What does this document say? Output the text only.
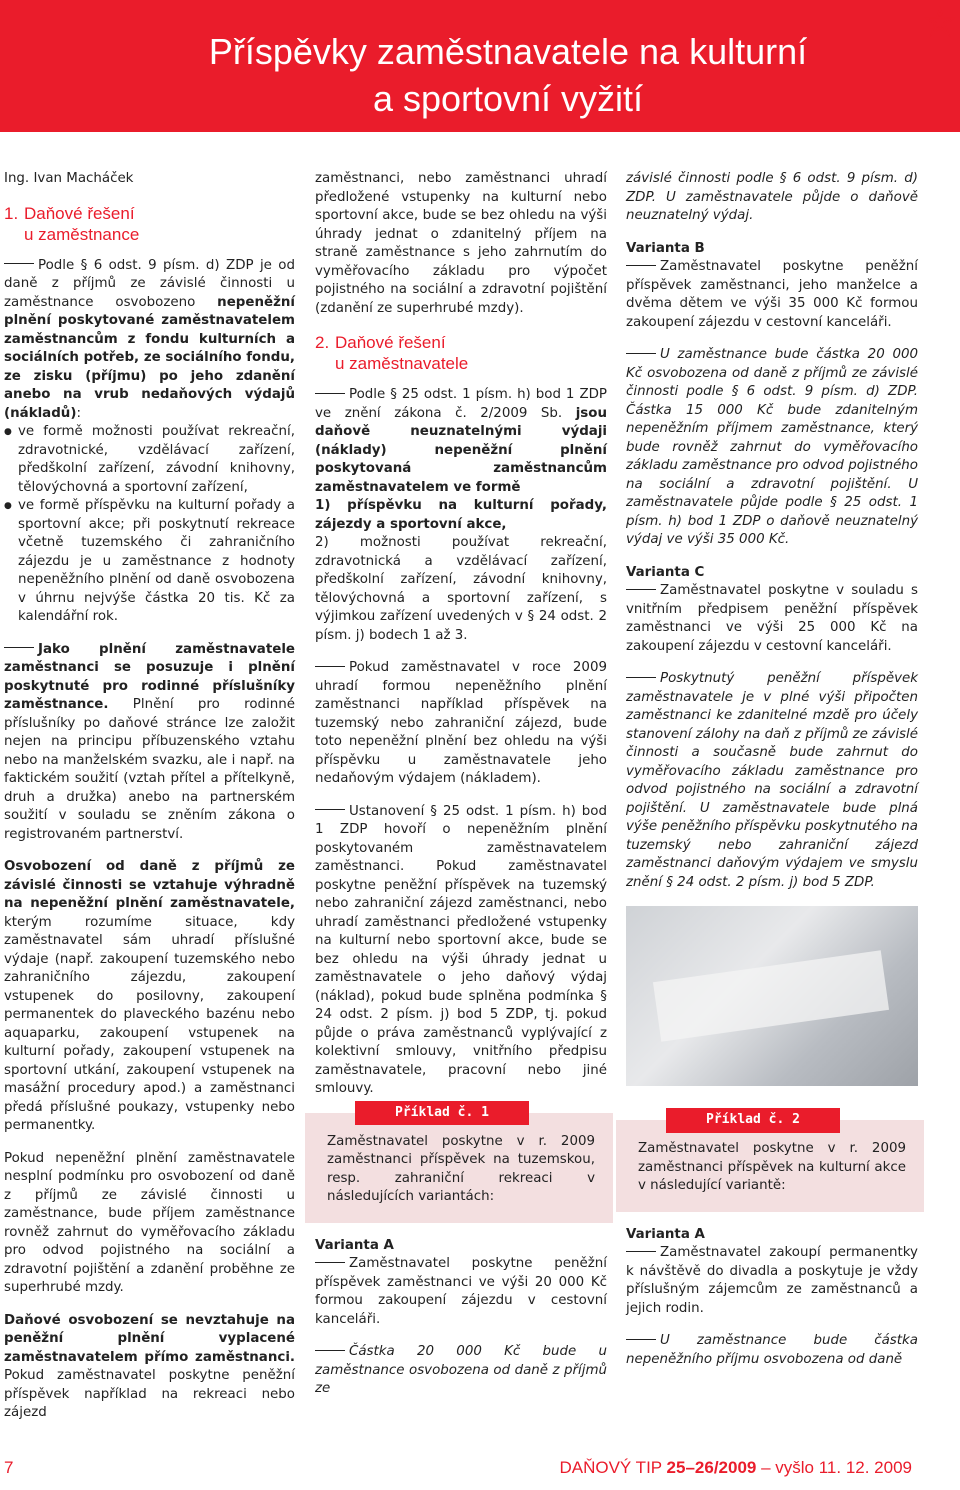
Příspěvky zaměstnavatele na kulturní
a sportovní vyžití

Ing. Ivan Macháček

1. Daňové řešení
u zaměstnance

Podle § 6 odst. 9 písm. d) ZDP je od daně z příjmů ze závislé činnosti u zaměstnance osvobozeno nepeněžní plnění poskytované zaměstnavatelem zaměstnancům z fondu kulturních a sociálních potřeb, ze sociálního fondu, ze zisku (příjmu) po jeho zdanění anebo na vrub nedaňových výdajů (nákladů):

● ve formě možnosti používat rekreační, zdravotnické, vzdělávací zařízení, předškolní zařízení, závodní knihovny, tělovýchovná a sportovní zařízení,

● ve formě příspěvku na kulturní pořady a sportovní akce; při poskytnutí rekreace včetně tuzemského či zahraničního zájezdu je u zaměstnance z hodnoty nepeněžního plnění od daně osvobozena v úhrnu nejvýše částka 20 tis. Kč za kalendářní rok.

Jako plnění zaměstnavatele zaměstnanci se posuzuje i plnění poskytnuté pro rodinné příslušníky zaměstnance. Plnění pro rodinné příslušníky po daňové stránce lze založit nejen na principu příbuzenského vztahu nebo na manželském svazku, ale i např. na faktickém soužití (vztah přítel a přítelkyně, druh a družka) anebo na partnerském soužití v souladu se zněním zákona o registrovaném partnerství.

Osvobození od daně z příjmů ze závislé činnosti se vztahuje výhradně na nepeněžní plnění zaměstnavatele, kterým rozumíme situace, kdy zaměstnavatel sám uhradí příslušné výdaje (např. zakoupení tuzemského nebo zahraničního zájezdu, zakoupení vstupenek do posilovny, zakoupení permanentek do plaveckého bazénu nebo aquaparku, zakoupení vstupenek na kulturní pořady, zakoupení vstupenek na sportovní utkání, zakoupení vstupenek na masážní procedury apod.) a zaměstnanci předá příslušné poukazy, vstupenky nebo permanentky.

Pokud nepeněžní plnění zaměstnavatele nesplní podmínku pro osvobození od daně z příjmů ze závislé činnosti u zaměstnance, bude příjem zaměstnance rovněž zahrnut do vyměřovacího základu pro odvod pojistného na sociální a zdravotní pojištění a zdanění proběhne ze superhrubé mzdy.

Daňové osvobození se nevztahuje na peněžní plnění vyplacené zaměstnavatelem přímo zaměstnanci. Pokud zaměstnavatel poskytne peněžní příspěvek například na rekreaci nebo zájezd

zaměstnanci, nebo zaměstnanci uhradí předložené vstupenky na kulturní nebo sportovní akce, bude se bez ohledu na výši úhrady jednat o zdanitelný příjem na straně zaměstnance s jeho zahrnutím do vyměřovacího základu pro výpočet pojistného na sociální a zdravotní pojištění (zdanění ze superhrubé mzdy).

2. Daňové řešení
u zaměstnavatele

Podle § 25 odst. 1 písm. h) bod 1 ZDP ve znění zákona č. 2/2009 Sb. jsou daňově neuznatelnými výdaji (náklady) nepeněžní plnění poskytovaná zaměstnancům zaměstnavatelem ve formě

1) příspěvku na kulturní pořady, zájezdy a sportovní akce,

2) možnosti používat rekreační, zdravotnická a vzdělávací zařízení, předškolní zařízení, závodní knihovny, tělovýchovná a sportovní zařízení, s výjimkou zařízení uvedených v § 24 odst. 2 písm. j) bodech 1 až 3.

Pokud zaměstnavatel v roce 2009 uhradí formou nepeněžního plnění zaměstnanci například příspěvek na tuzemský nebo zahraniční zájezd, bude toto nepeněžní plnění bez ohledu na výši příspěvku u zaměstnavatele jeho nedaňovým výdajem (nákladem).

Ustanovení § 25 odst. 1 písm. h) bod 1 ZDP hovoří o nepeněžním plnění poskytovaném zaměstnavatelem zaměstnanci. Pokud zaměstnavatel poskytne peněžní příspěvek na tuzemský nebo zahraniční zájezd zaměstnanci, nebo uhradí zaměstnanci předložené vstupenky na kulturní nebo sportovní akce, bude se bez ohledu na výši úhrady jednat u zaměstnavatele o jeho daňový výdaj (náklad), pokud bude splněna podmínka § 24 odst. 2 písm. j) bod 5 ZDP, tj. pokud půjde o práva zaměstnanců vyplývající z kolektivní smlouvy, vnitřního předpisu zaměstnavatele, pracovní nebo jiné smlouvy.

Příklad č. 1

Zaměstnavatel poskytne v r. 2009 zaměstnanci příspěvek na tuzemskou, resp. zahraniční rekreaci v následujících variantách:

Varianta A

Zaměstnavatel poskytne peněžní příspěvek zaměstnanci ve výši 20 000 Kč formou zakoupení zájezdu v cestovní kanceláři.

Částka 20 000 Kč bude u zaměstnance osvobozena od daně z příjmů ze

závislé činnosti podle § 6 odst. 9 písm. d) ZDP. U zaměstnavatele půjde o daňově neuznatelný výdaj.

Varianta B

Zaměstnavatel poskytne peněžní příspěvek zaměstnanci, jeho manželce a dvěma dětem ve výši 35 000 Kč formou zakoupení zájezdu v cestovní kanceláři.

U zaměstnance bude částka 20 000 Kč osvobozena od daně z příjmů ze závislé činnosti podle § 6 odst. 9 písm. d) ZDP. Částka 15 000 Kč bude zdanitelným nepeněžním příjmem zaměstnance, který bude rovněž zahrnut do vyměřovacího základu zaměstnance pro odvod pojistného na sociální a zdravotní pojištění. U zaměstnavatele půjde podle § 25 odst. 1 písm. h) bod 1 ZDP o daňově neuznatelný výdaj ve výši 35 000 Kč.

Varianta C

Zaměstnavatel poskytne v souladu s vnitřním předpisem peněžní příspěvek zaměstnanci ve výši 25 000 Kč na zakoupení zájezdu v cestovní kanceláři.

Poskytnutý peněžní příspěvek zaměstnavatele je v plné výši připočten zaměstnanci ke zdanitelné mzdě pro účely stanovení zálohy na daň z příjmů ze závislé činnosti a současně bude zahrnut do vyměřovacího základu zaměstnance pro odvod pojistného na sociální a zdravotní pojištění. U zaměstnavatele bude plná výše peněžního příspěvku poskytnutého na tuzemský nebo zahraniční zájezd zaměstnanci daňovým výdajem ve smyslu znění § 24 odst. 2 písm. j) bod 5 ZDP.

Příklad č. 2

Zaměstnavatel poskytne v r. 2009 zaměstnanci příspěvek na kulturní akce v následující variantě:

Varianta A

Zaměstnavatel zakoupí permanentky k návštěvě do divadla a poskytuje je vždy příslušným zájemcům ze zaměstnanců a jejich rodin.

U zaměstnance bude částka nepeněžního příjmu osvobozena od daně

7	DAŇOVÝ TIP 25–26/2009 – vyšlo 11. 12. 2009
